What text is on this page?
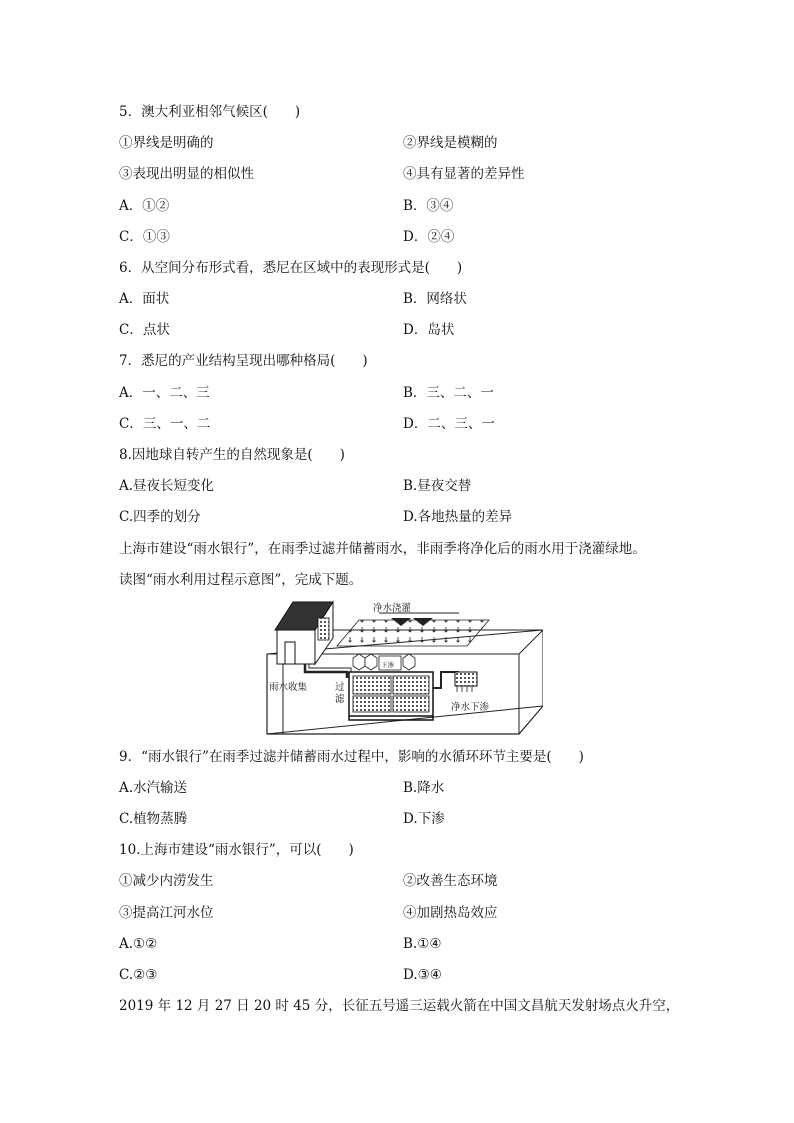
5．澳大利亚相邻气候区(　　)
①界线是明确的	②界线是模糊的
③表现出明显的相似性	④具有显著的差异性
A．①②	B．③④
C．①③	D．②④
6．从空间分布形式看，悉尼在区域中的表现形式是(　　)
A．面状	B．网络状
C．点状	D．岛状
7．悉尼的产业结构呈现出哪种格局(　　)
A．一、二、三	B．三、二、一
C．三、一、二	D．二、三、一
8.因地球自转产生的自然现象是(　　)
A.昼夜长短变化	B.昼夜交替
C.四季的划分	D.各地热量的差异
上海市建设“雨水银行”，在雨季过滤并储蓄雨水，非雨季将净化后的雨水用于浇灌绿地。
读图“雨水利用过程示意图”，完成下题。
净水浇灌
雨水收集	过
滤
下渗
净水下渗
9．“雨水银行”在雨季过滤并储蓄雨水过程中，影响的水循环环节主要是(　　)
A.水汽输送	B.降水
C.植物蒸腾	D.下渗
10.上海市建设“雨水银行”，可以(　　)
①减少内涝发生	②改善生态环境
③提高江河水位	④加剧热岛效应
A.①②	B.①④
C.②③	D.③④
2019 年 12 月 27 日 20 时 45 分，长征五号遥三运载火箭在中国文昌航天发射场点火升空，
